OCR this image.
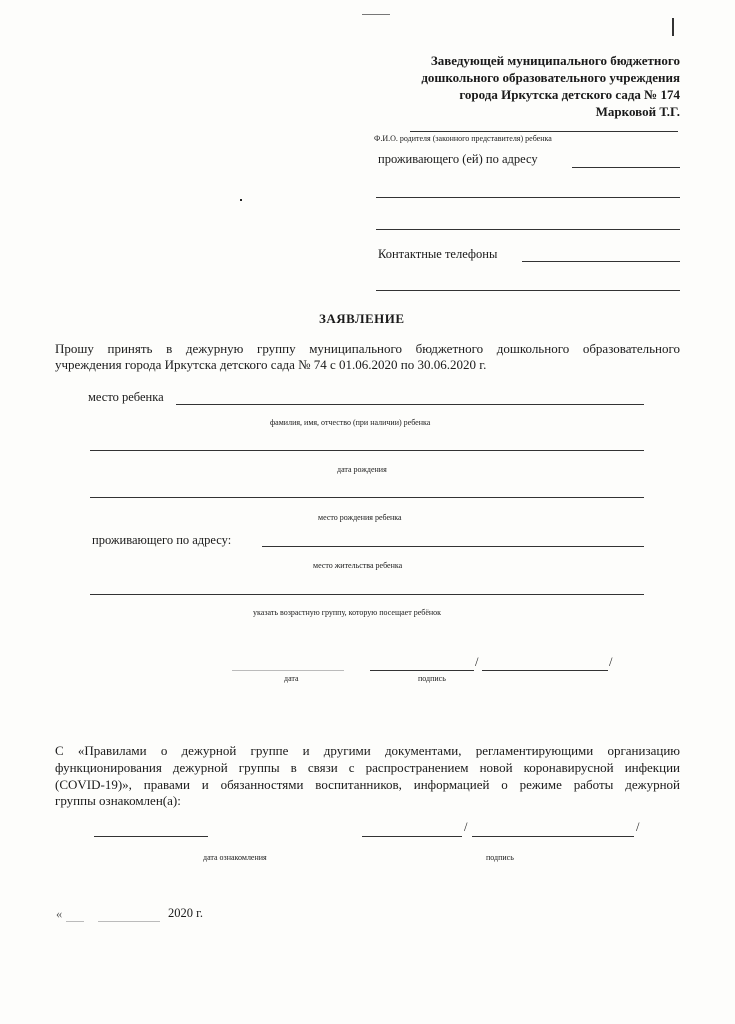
Заведующей муниципального бюджетного
дошкольного образовательного учреждения
города Иркутска детского сада № 174
Марковой Т.Г.
Ф.И.О. родителя (законного представителя) ребенка
проживающего (ей) по адресу
Контактные телефоны
ЗАЯВЛЕНИЕ
Прошу принять в дежурную группу муниципального бюджетного дошкольного образовательного
учреждения города Иркутска детского сада № 74 с 01.06.2020 по 30.06.2020 г.
место ребенка
фамилия, имя, отчество (при наличии) ребенка
дата рождения
место рождения ребенка
проживающего по адресу:
место жительства ребенка
указать возрастную группу, которую посещает ребёнок
дата
/	/
подпись
С «Правилами о дежурной группе и другими документами, регламентирующими организацию
функционирования дежурной группы в связи с распространением новой коронавирусной инфекции
(COVID-19)», правами и обязанностями воспитанников, информацией о режиме работы дежурной
группы ознакомлен(а):
/	/
дата ознакомления	подпись
«	2020 г.
